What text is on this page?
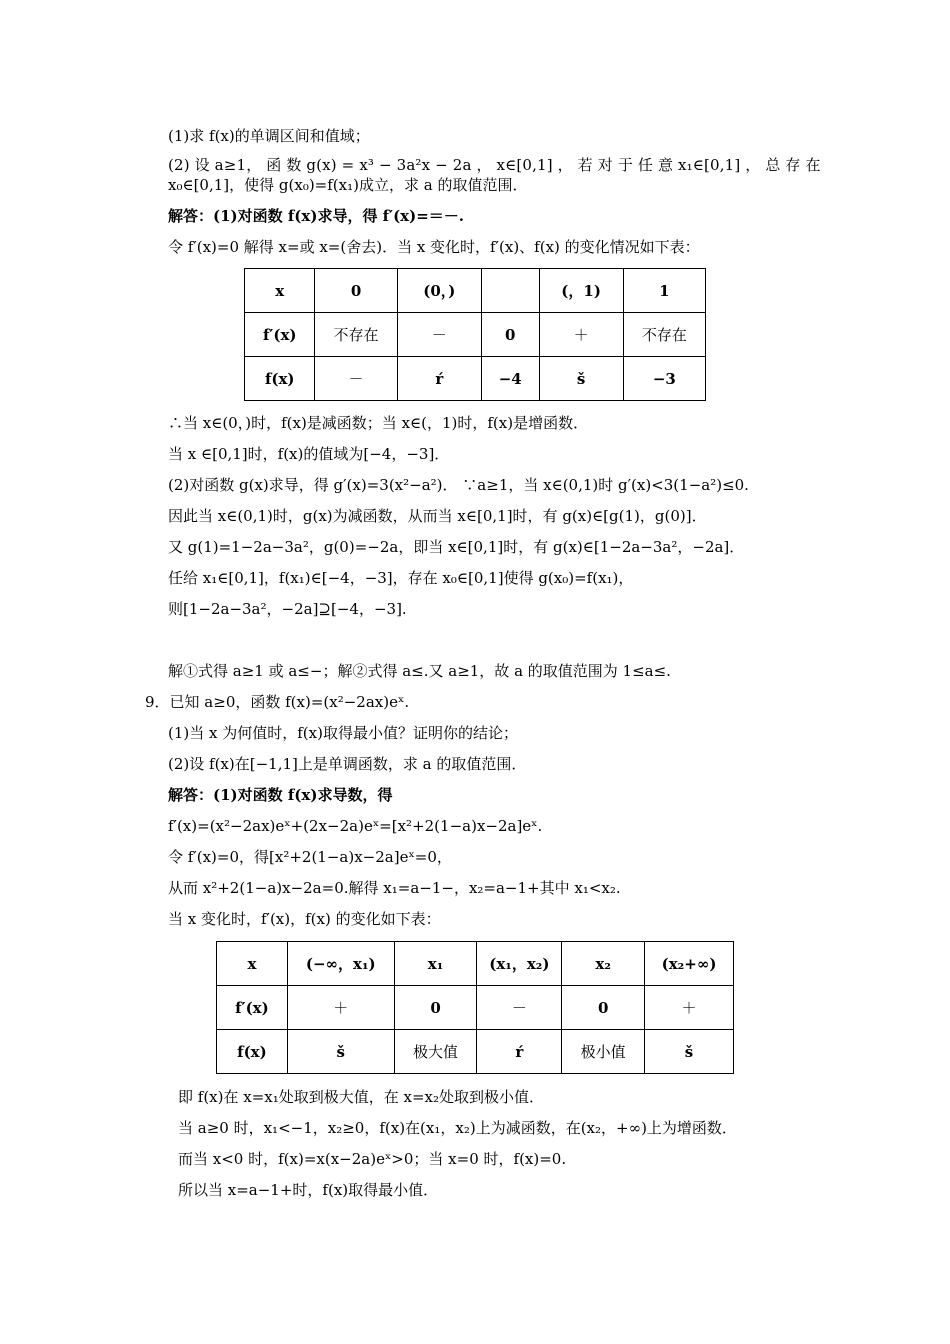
(1)求 f(x)的单调区间和值域；
(2) 设 a≥1， 函 数 g(x) = x³ − 3a²x − 2a ， x∈[0,1] ， 若 对 于 任 意 x₁∈[0,1] ， 总 存 在
x₀∈[0,1]，使得 g(x₀)=f(x₁)成立，求 a 的取值范围．
解答：(1)对函数 f(x)求导，得 f′(x)=＝－.
令 f′(x)=0 解得 x=或 x=(舍去)．当 x 变化时，f′(x)、f(x) 的变化情况如下表：
x	0	(0，)		(，1)	1
f′(x)	不存在	－	0	＋	不存在
f(x)	－	ŕ	−4	š	−3
∴当 x∈(0，)时，f(x)是减函数；当 x∈(，1)时，f(x)是增函数．
当 x ∈[0,1]时，f(x)的值域为[−4，−3]．
(2)对函数 g(x)求导，得 g′(x)=3(x²−a²)． ∵a≥1，当 x∈(0,1)时 g′(x)<3(1−a²)≤0.
因此当 x∈(0,1)时，g(x)为减函数，从而当 x∈[0,1]时，有 g(x)∈[g(1)，g(0)]．
又 g(1)=1−2a−3a²，g(0)=−2a，即当 x∈[0,1]时，有 g(x)∈[1−2a−3a²，−2a]．
任给 x₁∈[0,1]，f(x₁)∈[−4，−3]，存在 x₀∈[0,1]使得 g(x₀)=f(x₁)，
则[1−2a−3a²，−2a]⊇[−4，−3].
解①式得 a≥1 或 a≤−；解②式得 a≤.又 a≥1，故 a 的取值范围为 1≤a≤.
9．已知 a≥0，函数 f(x)=(x²−2ax)eˣ.
(1)当 x 为何值时，f(x)取得最小值？证明你的结论；
(2)设 f(x)在[−1,1]上是单调函数，求 a 的取值范围．
解答：(1)对函数 f(x)求导数，得
f′(x)=(x²−2ax)eˣ+(2x−2a)eˣ=[x²+2(1−a)x−2a]eˣ.
令 f′(x)=0，得[x²+2(1−a)x−2a]eˣ=0，
从而 x²+2(1−a)x−2a=0.解得 x₁=a−1−，x₂=a−1+其中 x₁<x₂.
当 x 变化时，f′(x)，f(x) 的变化如下表：
x	(−∞，x₁)	x₁	(x₁，x₂)	x₂	(x₂+∞)
f′(x)	＋	0	－	0	＋
f(x)	š	极大值	ŕ	极小值	š
即 f(x)在 x=x₁处取到极大值，在 x=x₂处取到极小值．
当 a≥0 时，x₁<−1，x₂≥0，f(x)在(x₁，x₂)上为减函数，在(x₂，+∞)上为增函数．
而当 x<0 时，f(x)=x(x−2a)eˣ>0；当 x=0 时，f(x)=0.
所以当 x=a−1+时，f(x)取得最小值．
